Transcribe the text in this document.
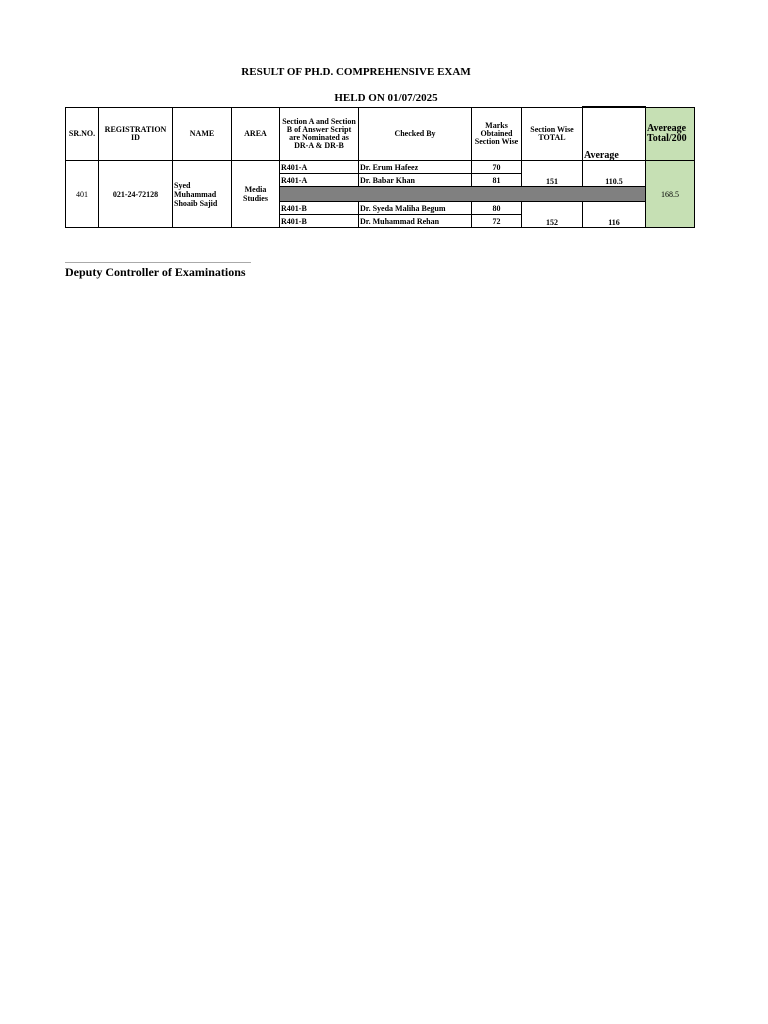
RESULT OF PH.D. COMPREHENSIVE EXAM
HELD ON 01/07/2025
SR.NO.	REGISTRATION ID	NAME	AREA	Section A and Section B of Answer Script are Nominated as DR-A & DR-B	Checked By	Marks Obtained Section Wise	Section Wise TOTAL	Average	Avereage Total/200
401	021-24-72128	Syed Muhammad Shoaib Sajid	Media Studies	R401-A	Dr. Erum Hafeez	70	151	110.5	168.5
				R401-A	Dr. Babar Khan	81			

				R401-B	Dr. Syeda Maliha Begum	80	152	116	
				R401-B	Dr. Muhammad Rehan	72			
Deputy Controller of Examinations
